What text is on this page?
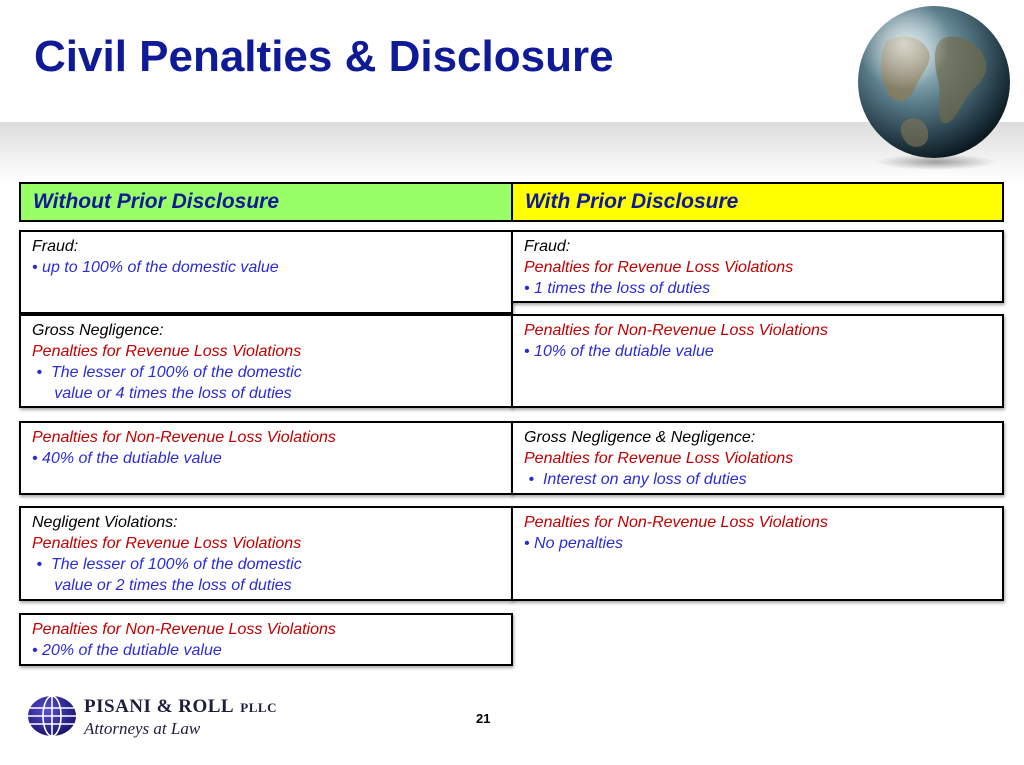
Civil Penalties & Disclosure
Without Prior Disclosure	With Prior Disclosure
Fraud:
• up to 100% of the domestic value
Fraud:
Penalties for Revenue Loss Violations
• 1 times the loss of duties
Gross Negligence:
Penalties for Revenue Loss Violations
•  The lesser of 100% of the domestic
value or 4 times the loss of duties
Penalties for Non-Revenue Loss Violations
• 10% of the dutiable value
Penalties for Non-Revenue Loss Violations
• 40% of the dutiable value
Gross Negligence & Negligence:
Penalties for Revenue Loss Violations
•  Interest on any loss of duties
Negligent Violations:
Penalties for Revenue Loss Violations
•  The lesser of 100% of the domestic
value or 2 times the loss of duties
Penalties for Non-Revenue Loss Violations
• No penalties
Penalties for Non-Revenue Loss Violations
• 20% of the dutiable value
PISANI & ROLL PLLC
Attorneys at Law
21
